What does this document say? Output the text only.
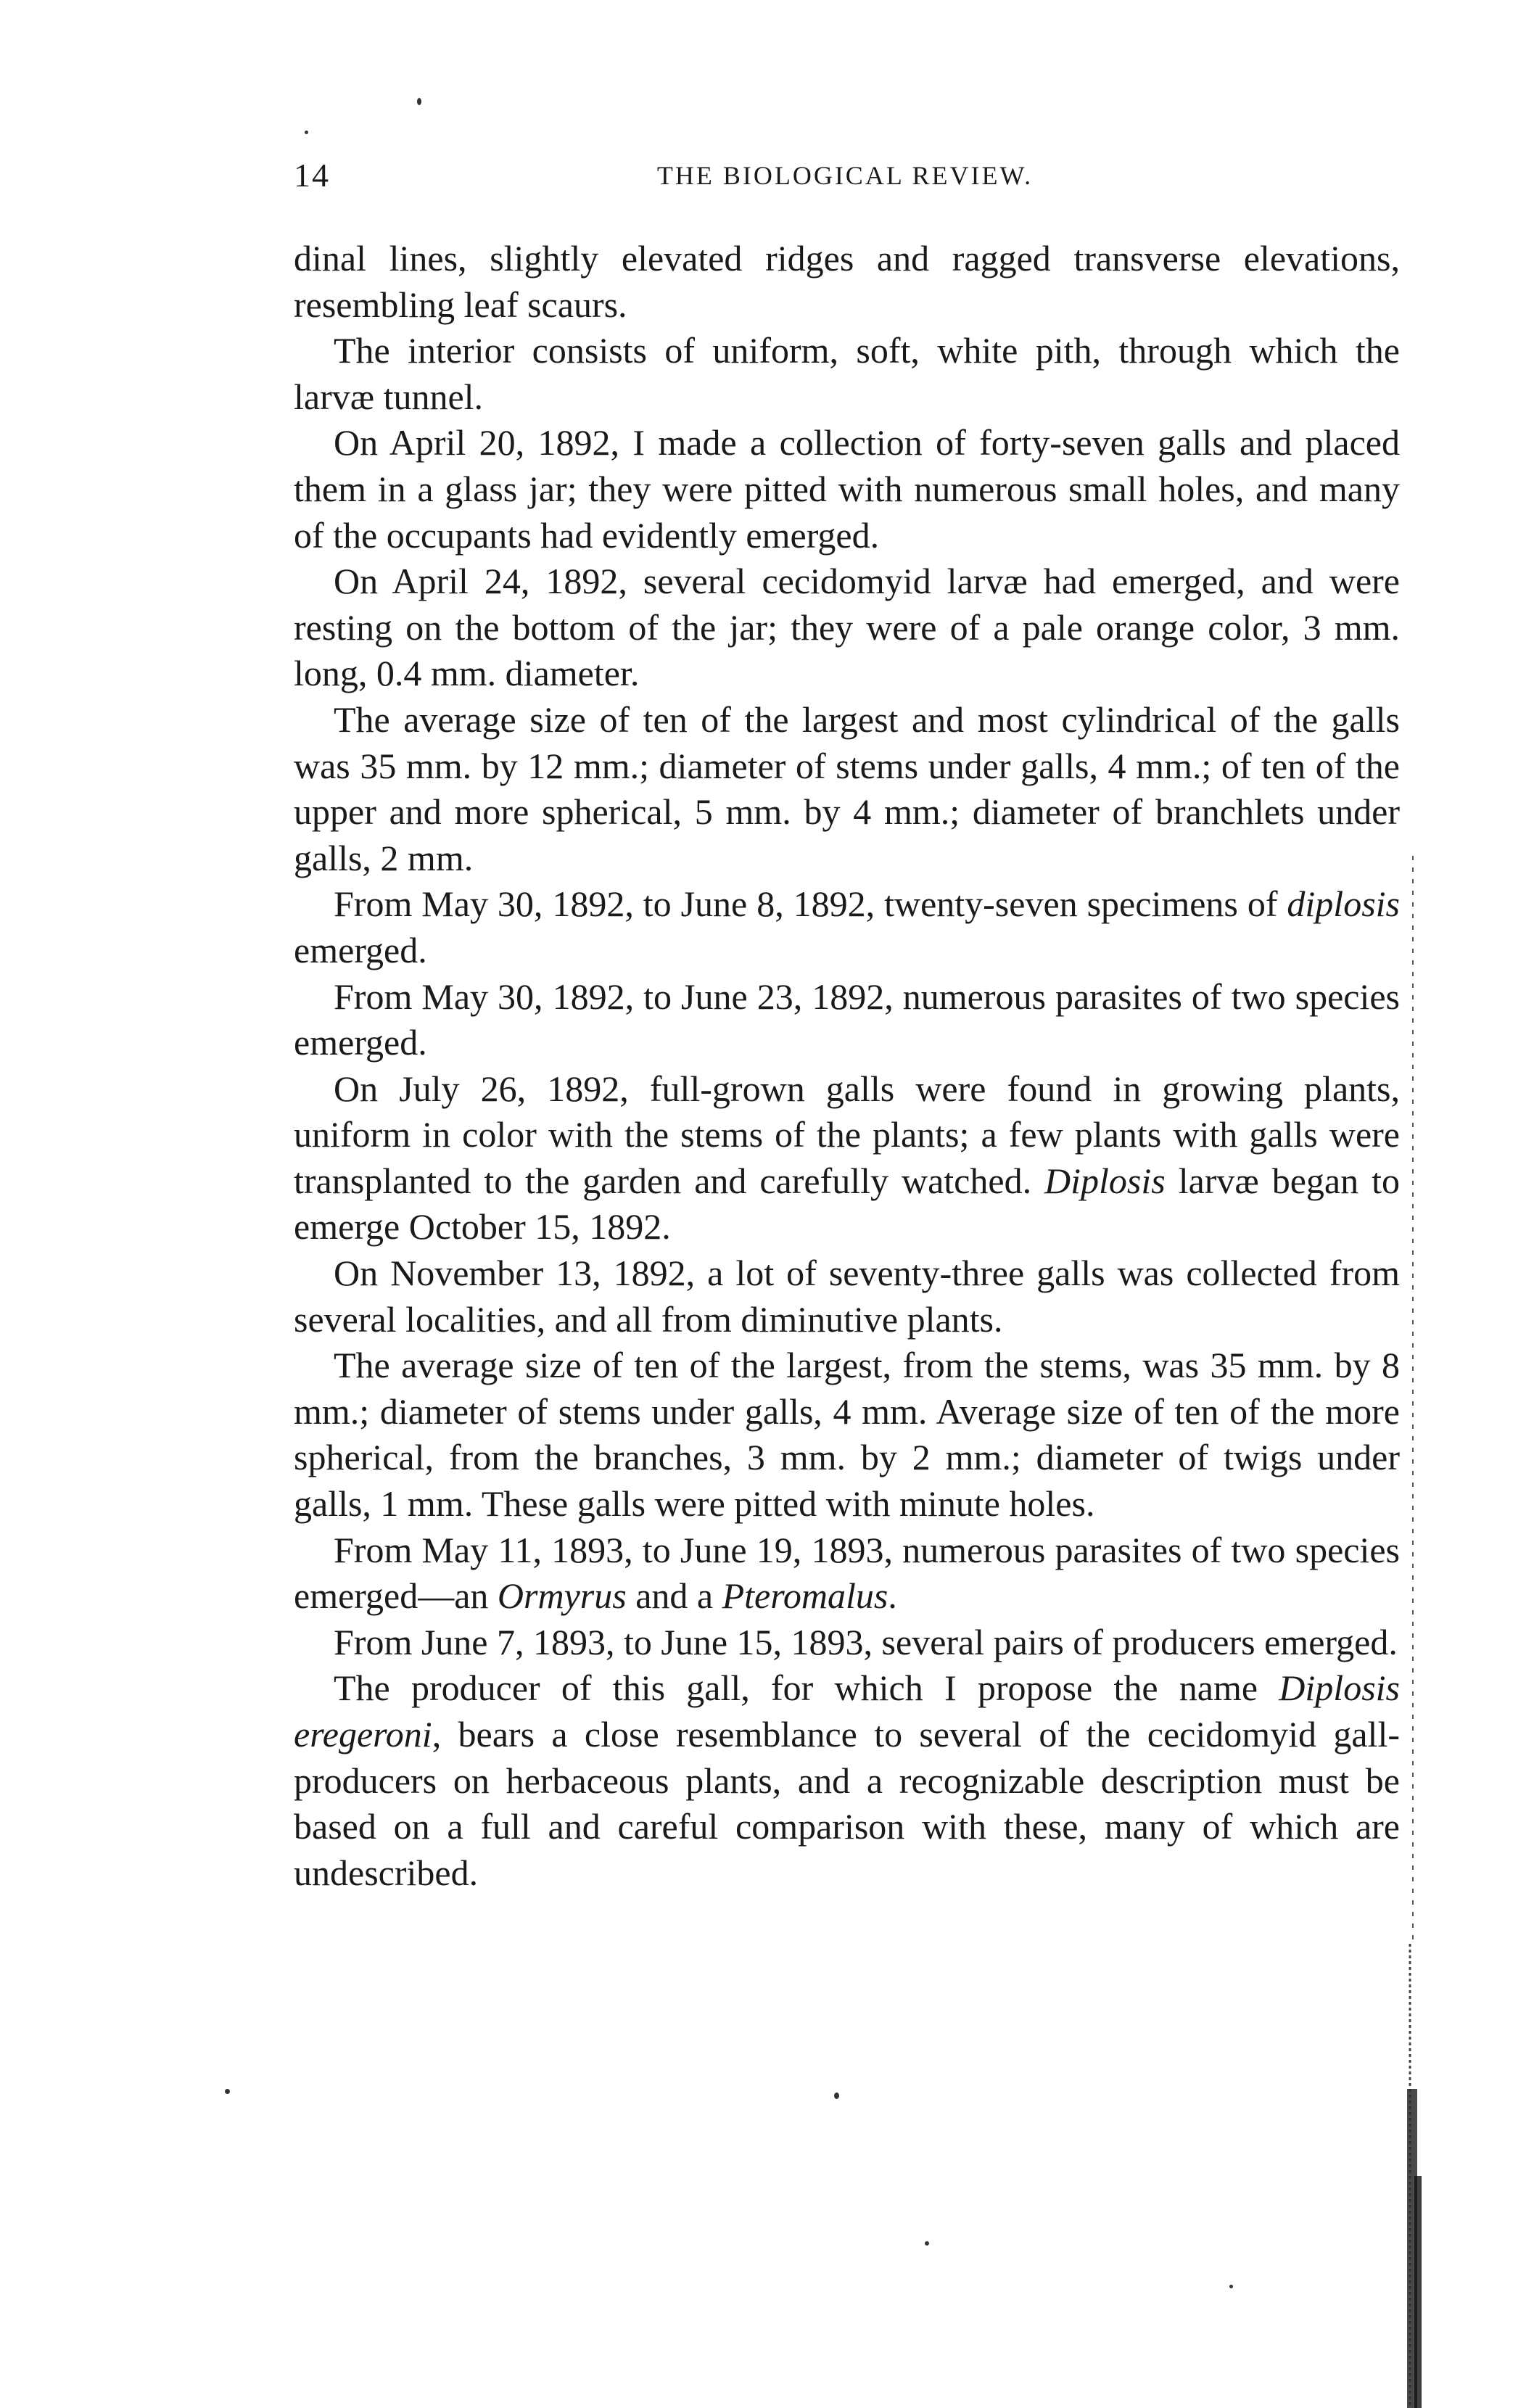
14	THE BIOLOGICAL REVIEW.

dinal lines, slightly elevated ridges and ragged transverse elevations, resembling leaf scaurs.

The interior consists of uniform, soft, white pith, through which the larvæ tunnel.

On April 20, 1892, I made a collection of forty-seven galls and placed them in a glass jar; they were pitted with numerous small holes, and many of the occupants had evidently emerged.

On April 24, 1892, several cecidomyid larvæ had emerged, and were resting on the bottom of the jar; they were of a pale orange color, 3 mm. long, 0.4 mm. diameter.

The average size of ten of the largest and most cylindrical of the galls was 35 mm. by 12 mm.; diameter of stems under galls, 4 mm.; of ten of the upper and more spherical, 5 mm. by 4 mm.; diameter of branchlets under galls, 2 mm.

From May 30, 1892, to June 8, 1892, twenty-seven specimens of diplosis emerged.

From May 30, 1892, to June 23, 1892, numerous parasites of two species emerged.

On July 26, 1892, full-grown galls were found in growing plants, uniform in color with the stems of the plants; a few plants with galls were transplanted to the garden and carefully watched. Diplosis larvæ began to emerge October 15, 1892.

On November 13, 1892, a lot of seventy-three galls was collected from several localities, and all from diminutive plants.

The average size of ten of the largest, from the stems, was 35 mm. by 8 mm.; diameter of stems under galls, 4 mm. Average size of ten of the more spherical, from the branches, 3 mm. by 2 mm.; diameter of twigs under galls, 1 mm. These galls were pitted with minute holes.

From May 11, 1893, to June 19, 1893, numerous parasites of two species emerged—an Ormyrus and a Pteromalus.

From June 7, 1893, to June 15, 1893, several pairs of producers emerged.

The producer of this gall, for which I propose the name Diplosis eregeroni, bears a close resemblance to several of the cecidomyid gall-producers on herbaceous plants, and a recognizable description must be based on a full and careful comparison with these, many of which are undescribed.
